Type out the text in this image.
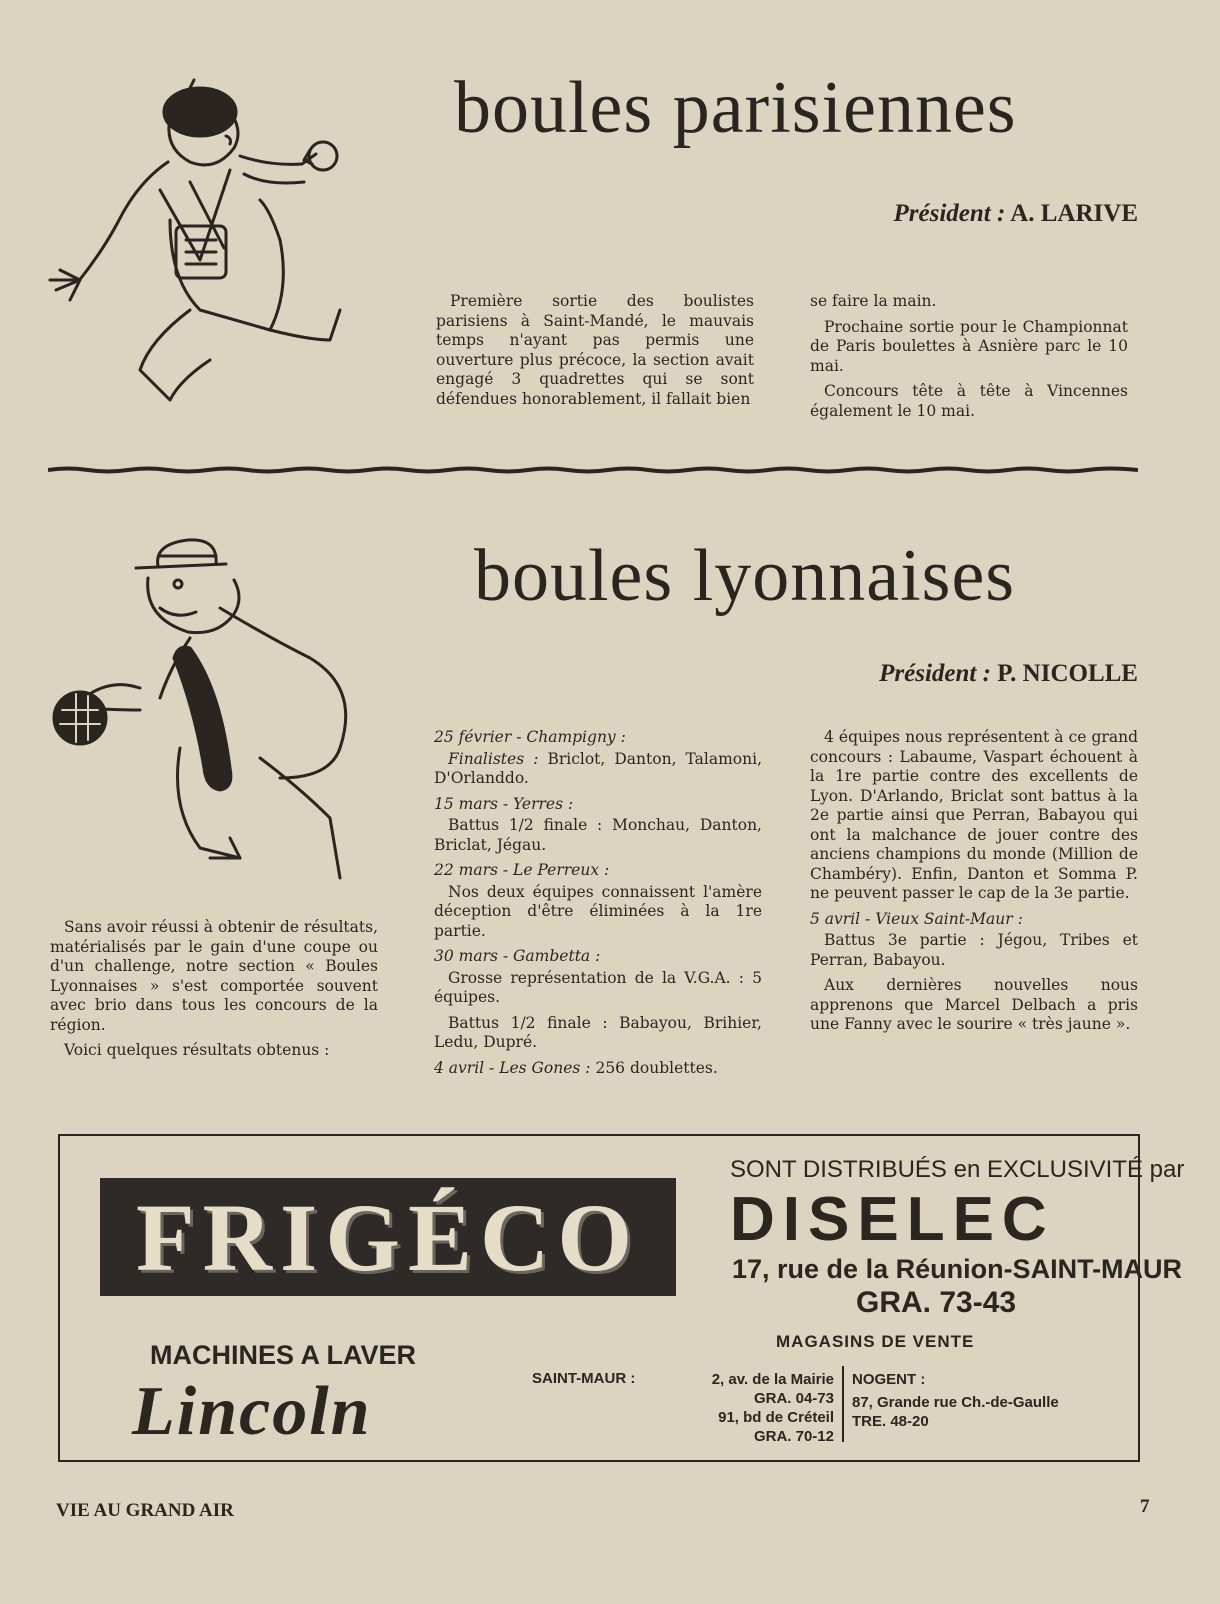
boules parisiennes
Président : A. LARIVE

Première sortie des boulistes parisiens à Saint-Mandé, le mauvais temps n'ayant pas permis une ouverture plus précoce, la section avait engagé 3 quadrettes qui se sont défendues honorablement, il fallait bien

se faire la main.

Prochaine sortie pour le Championnat de Paris boulettes à Asnière parc le 10 mai.

Concours tête à tête à Vincennes également le 10 mai.

boules lyonnaises
Président : P. NICOLLE

Sans avoir réussi à obtenir de résultats, matérialisés par le gain d'une coupe ou d'un challenge, notre section « Boules Lyonnaises » s'est comportée souvent avec brio dans tous les concours de la région.

Voici quelques résultats obtenus :

25 février - Champigny :

Finalistes : Briclot, Danton, Talamoni, D'Orlanddo.

15 mars - Yerres :

Battus 1/2 finale : Monchau, Danton, Briclat, Jégau.

22 mars - Le Perreux :

Nos deux équipes connaissent l'amère déception d'être éliminées à la 1re partie.

30 mars - Gambetta :

Grosse représentation de la V.G.A. : 5 équipes.

Battus 1/2 finale : Babayou, Brihier, Ledu, Dupré.

4 avril - Les Gones : 256 doublettes.

4 équipes nous représentent à ce grand concours : Labaume, Vaspart échouent à la 1re partie contre des excellents de Lyon. D'Arlando, Briclat sont battus à la 2e partie ainsi que Perran, Babayou qui ont la malchance de jouer contre des anciens champions du monde (Million de Chambéry). Enfin, Danton et Somma P. ne peuvent passer le cap de la 3e partie.

5 avril - Vieux Saint-Maur :

Battus 3e partie : Jégou, Tribes et Perran, Babayou.

Aux dernières nouvelles nous apprenons que Marcel Delbach a pris une Fanny avec le sourire « très jaune ».

FRIGÉCO
MACHINES A LAVER
Lincoln
SONT DISTRIBUÉS en EXCLUSIVITÉ par
DISELEC
17, rue de la Réunion-SAINT-MAUR
GRA. 73-43
MAGASINS DE VENTE
SAINT-MAUR :	2, av. de la Mairie
GRA. 04-73
91, bd de Créteil
GRA. 70-12
NOGENT :
87, Grande rue Ch.-de-Gaulle
TRE. 48-20
VIE AU GRAND AIR	7
